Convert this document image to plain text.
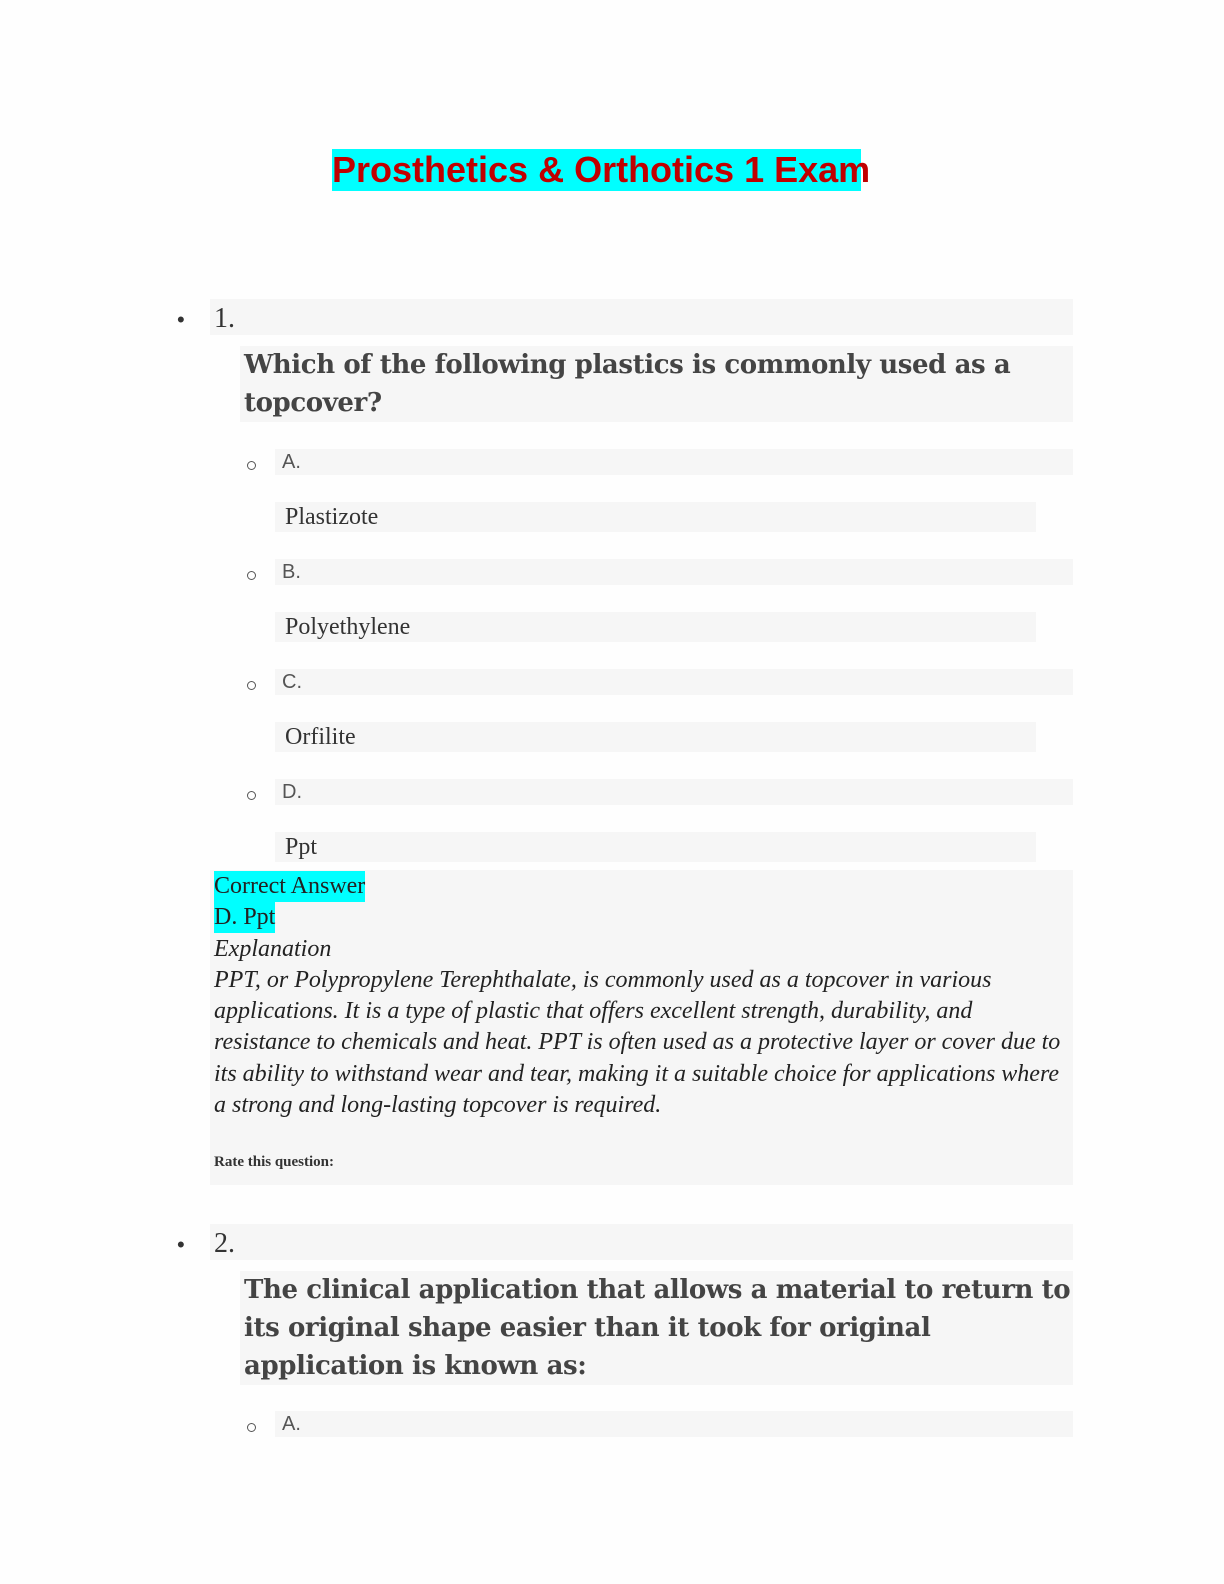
Prosthetics & Orthotics 1 Exam
• 1.
Which of the following plastics is commonly used as a topcover?
A.
Plastizote
B.
Polyethylene
C.
Orfilite
D.
Ppt
Correct Answer
D. Ppt
Explanation
PPT, or Polypropylene Terephthalate, is commonly used as a topcover in various applications. It is a type of plastic that offers excellent strength, durability, and resistance to chemicals and heat. PPT is often used as a protective layer or cover due to its ability to withstand wear and tear, making it a suitable choice for applications where a strong and long-lasting topcover is required.
Rate this question:
• 2.
The clinical application that allows a material to return to its original shape easier than it took for original application is known as:
A.
